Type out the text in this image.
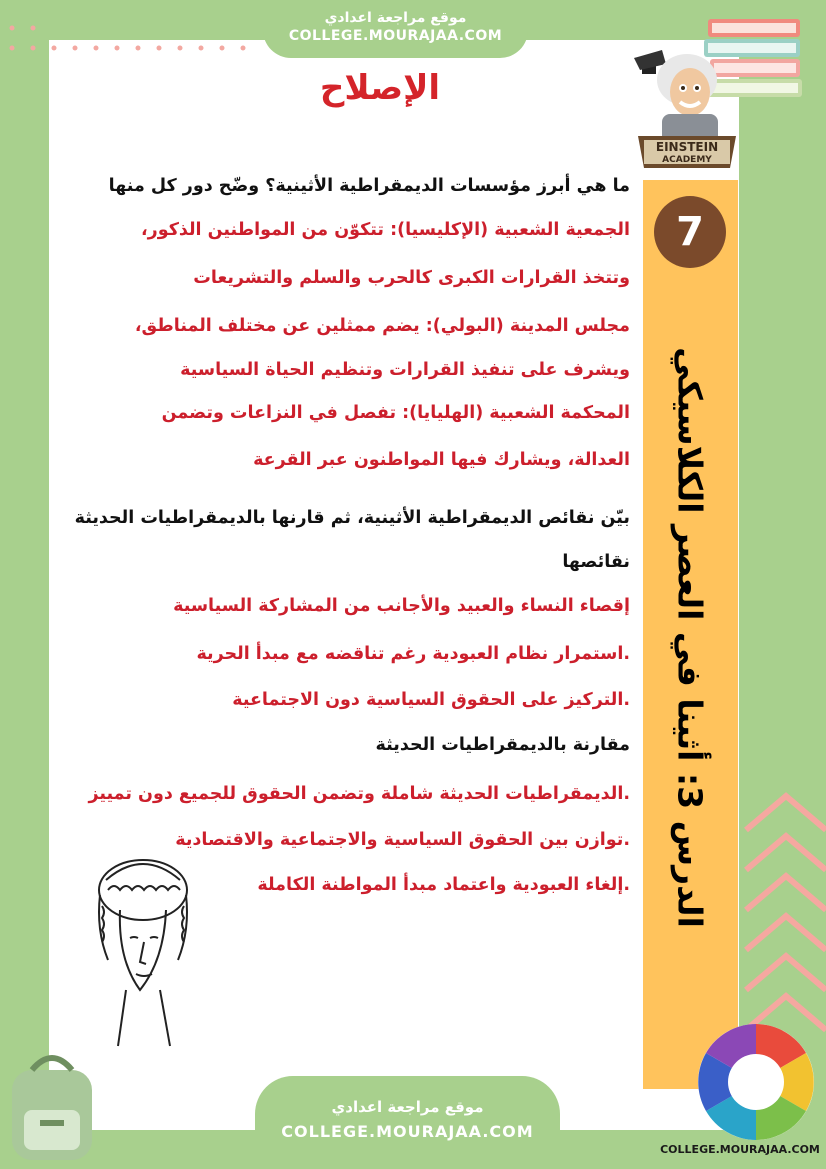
موقع مراجعة اعدادي
COLLEGE.MOURAJAA.COM
EINSTEIN
ACADEMY
الإصلاح
7
الدرس 3: أثينا في العصر الكلاسيكي
ما هي أبرز مؤسسات الديمقراطية الأثينية؟ وضّح دور كل منها
الجمعية الشعبية (الإكليسيا): تتكوّن من المواطنين الذكور،
وتتخذ القرارات الكبرى كالحرب والسلم والتشريعات
مجلس المدينة (البولي): يضم ممثلين عن مختلف المناطق،
ويشرف على تنفيذ القرارات وتنظيم الحياة السياسية
المحكمة الشعبية (الهليايا): تفصل في النزاعات وتضمن
العدالة، ويشارك فيها المواطنون عبر القرعة
بيّن نقائص الديمقراطية الأثينية، ثم قارنها بالديمقراطيات الحديثة
نقائصها
إقصاء النساء والعبيد والأجانب من المشاركة السياسية
.استمرار نظام العبودية رغم تناقضه مع مبدأ الحرية
.التركيز على الحقوق السياسية دون الاجتماعية
مقارنة بالديمقراطيات الحديثة
.الديمقراطيات الحديثة شاملة وتضمن الحقوق للجميع دون تمييز
.توازن بين الحقوق السياسية والاجتماعية والاقتصادية
.إلغاء العبودية واعتماد مبدأ المواطنة الكاملة
COLLEGE.MOURAJAA.COM
موقع مراجعة اعدادي
COLLEGE.MOURAJAA.COM
